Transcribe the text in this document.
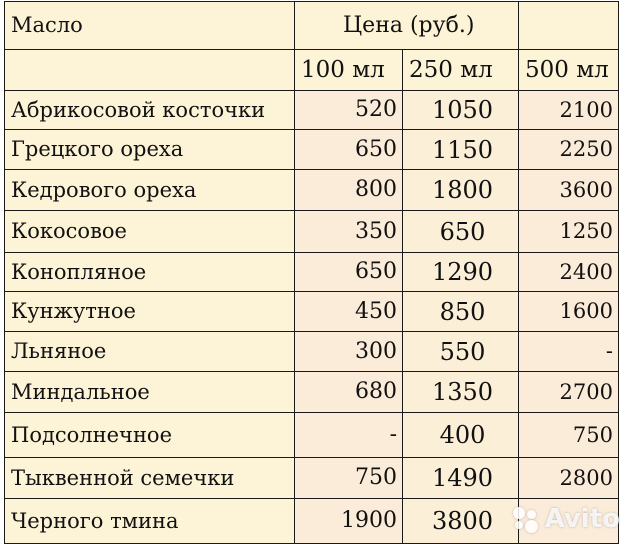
Масло	Цена (руб.)		
	100 мл	250 мл	500 мл
Абрикосовой косточки	520	1050	2100
Грецкого ореха	650	1150	2250
Кедрового ореха	800	1800	3600
Кокосовое	350	650	1250
Конопляное	650	1290	2400
Кунжутное	450	850	1600
Льняное	300	550	-
Миндальное	680	1350	2700
Подсолнечное	-	400	750
Тыквенной семечки	750	1490	2800
Черного тмина	1900	3800	Avito
